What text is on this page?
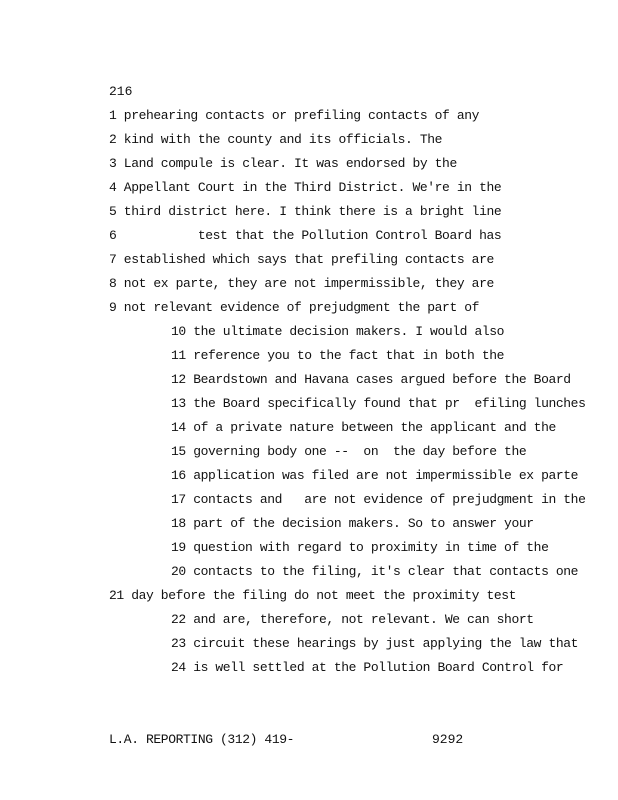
216
1 prehearing contacts or prefiling contacts of any
2 kind with the county and its officials. The
3 Land compule is clear. It was endorsed by the
4 Appellant Court in the Third District. We're in the
5 third district here. I think there is a bright line
6           test that the Pollution Control Board has
7 established which says that prefiling contacts are
8 not ex parte, they are not impermissible, they are
9 not relevant evidence of prejudgment the part of
10 the ultimate decision makers. I would also
11 reference you to the fact that in both the
12 Beardstown and Havana cases argued before the Board
13 the Board specifically found that pr  efiling lunches
14 of a private nature between the applicant and the
15 governing body one --  on  the day before the
16 application was filed are not impermissible ex parte
17 contacts and   are not evidence of prejudgment in the
18 part of the decision makers. So to answer your
19 question with regard to proximity in time of the
20 contacts to the filing, it's clear that contacts one
21 day before the filing do not meet the proximity test
22 and are, therefore, not relevant. We can short
23 circuit these hearings by just applying the law that
24 is well settled at the Pollution Board Control for
L.A. REPORTING (312) 419-	9292
